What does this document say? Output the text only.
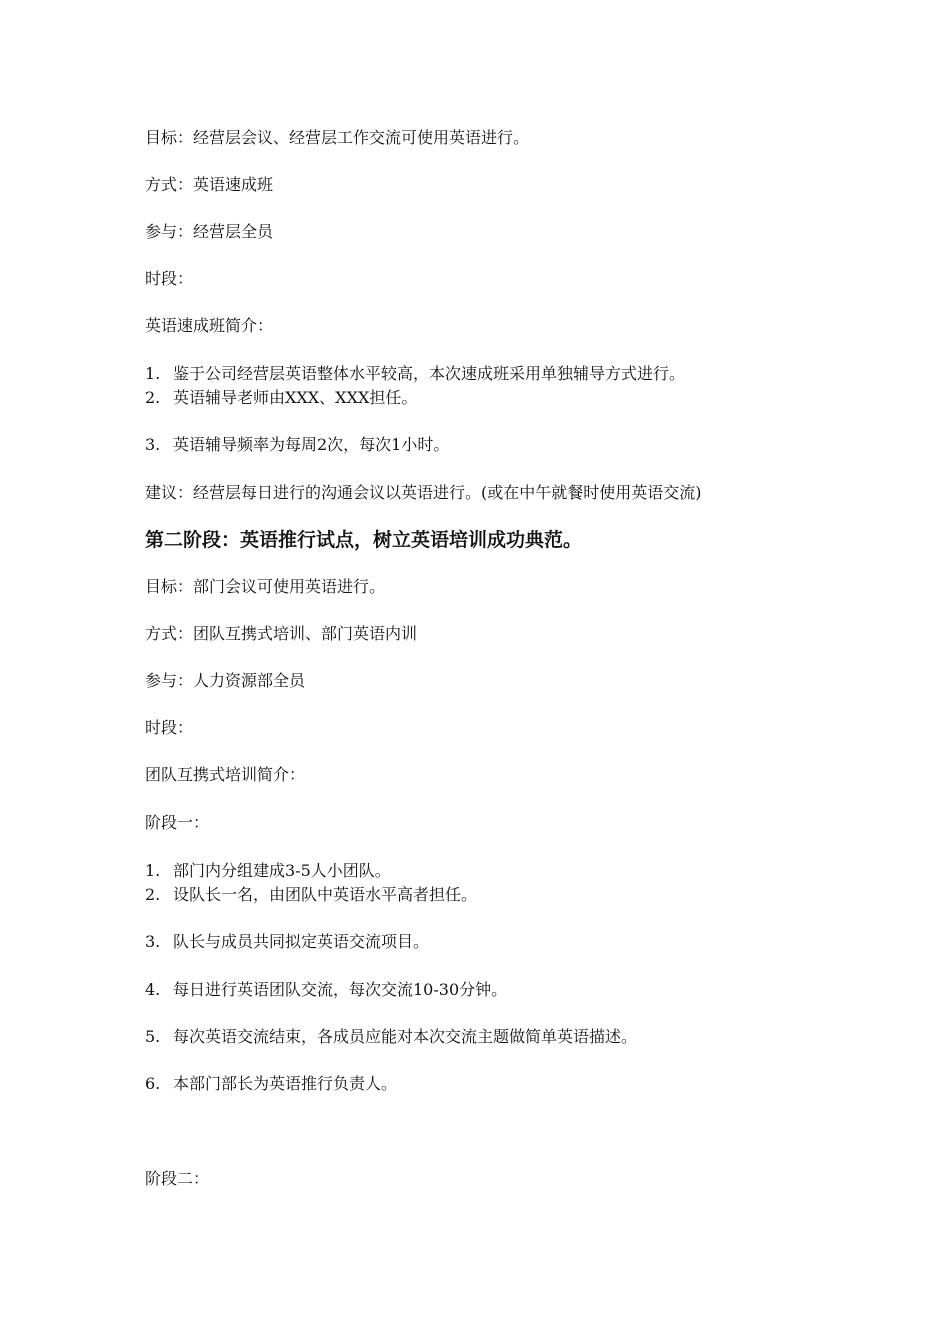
目标：经营层会议、经营层工作交流可使用英语进行。
方式：英语速成班
参与：经营层全员
时段：
英语速成班简介：
1. 鉴于公司经营层英语整体水平较高，本次速成班采用单独辅导方式进行。
2. 英语辅导老师由XXX、XXX担任。
3. 英语辅导频率为每周2次，每次1小时。
建议：经营层每日进行的沟通会议以英语进行。(或在中午就餐时使用英语交流)
第二阶段：英语推行试点，树立英语培训成功典范。
目标：部门会议可使用英语进行。
方式：团队互携式培训、部门英语内训
参与：人力资源部全员
时段：
团队互携式培训简介：
阶段一：
1. 部门内分组建成3-5人小团队。
2. 设队长一名，由团队中英语水平高者担任。
3. 队长与成员共同拟定英语交流项目。
4. 每日进行英语团队交流，每次交流10-30分钟。
5. 每次英语交流结束，各成员应能对本次交流主题做简单英语描述。
6. 本部门部长为英语推行负责人。
阶段二：
